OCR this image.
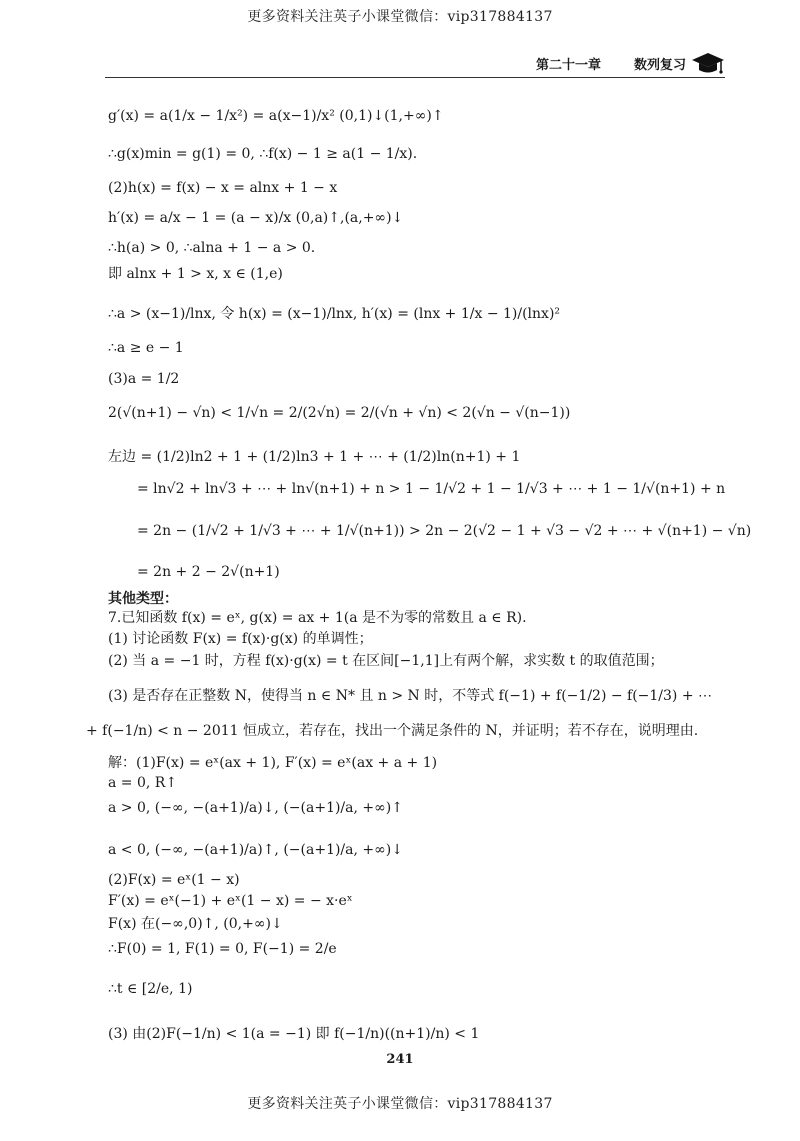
更多资料关注英子小课堂微信：vip317884137
第二十一章	数列复习
g′(x) = a(1/x − 1/x²) = a(x−1)/x² (0,1)↓(1,+∞)↑
∴g(x)min = g(1) = 0, ∴f(x) − 1 ≥ a(1 − 1/x).
(2)h(x) = f(x) − x = alnx + 1 − x
h′(x) = a/x − 1 = (a − x)/x (0,a)↑,(a,+∞)↓
∴h(a) > 0, ∴alna + 1 − a > 0.
即 alnx + 1 > x, x ∈ (1,e)
∴a > (x−1)/lnx, 令 h(x) = (x−1)/lnx, h′(x) = (lnx + 1/x − 1)/(lnx)²
∴a ≥ e − 1
(3)a = 1/2
2(√(n+1) − √n) < 1/√n = 2/(2√n) = 2/(√n + √n) < 2(√n − √(n−1))
左边 = (1/2)ln2 + 1 + (1/2)ln3 + 1 + ⋯ + (1/2)ln(n+1) + 1
= ln√2 + ln√3 + ⋯ + ln√(n+1) + n > 1 − 1/√2 + 1 − 1/√3 + ⋯ + 1 − 1/√(n+1) + n
= 2n − (1/√2 + 1/√3 + ⋯ + 1/√(n+1)) > 2n − 2(√2 − 1 + √3 − √2 + ⋯ + √(n+1) − √n)
= 2n + 2 − 2√(n+1)
其他类型：
7.已知函数 f(x) = eˣ, g(x) = ax + 1(a 是不为零的常数且 a ∈ R).
(1) 讨论函数 F(x) = f(x)·g(x) 的单调性；
(2) 当 a = −1 时，方程 f(x)·g(x) = t 在区间[−1,1]上有两个解，求实数 t 的取值范围；
(3) 是否存在正整数 N，使得当 n ∈ N* 且 n > N 时，不等式 f(−1) + f(−1/2) − f(−1/3) + ⋯
+ f(−1/n) < n − 2011 恒成立，若存在，找出一个满足条件的 N，并证明；若不存在，说明理由.
解：(1)F(x) = eˣ(ax + 1), F′(x) = eˣ(ax + a + 1)
a = 0, R↑
a > 0, (−∞, −(a+1)/a)↓, (−(a+1)/a, +∞)↑
a < 0, (−∞, −(a+1)/a)↑, (−(a+1)/a, +∞)↓
(2)F(x) = eˣ(1 − x)
F′(x) = eˣ(−1) + eˣ(1 − x) = − x·eˣ
F(x) 在(−∞,0)↑, (0,+∞)↓
∴F(0) = 1, F(1) = 0, F(−1) = 2/e
∴t ∈ [2/e, 1)
(3) 由(2)F(−1/n) < 1(a = −1) 即 f(−1/n)((n+1)/n) < 1
241
更多资料关注英子小课堂微信：vip317884137
